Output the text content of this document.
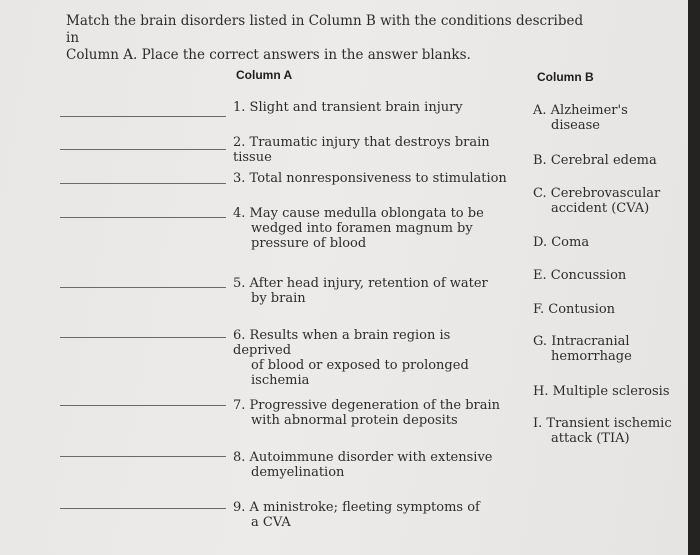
Match the brain disorders listed in Column B with the conditions described in
Column A. Place the correct answers in the answer blanks.

Column A	Column B

1. Slight and transient brain injury

2. Traumatic injury that destroys brain tissue

3. Total nonresponsiveness to stimulation

4. May cause medulla oblongata to be
wedged into foramen magnum by
pressure of blood

5. After head injury, retention of water
by brain

6. Results when a brain region is deprived
of blood or exposed to prolonged
ischemia

7. Progressive degeneration of the brain
with abnormal protein deposits

8. Autoimmune disorder with extensive
demyelination

9. A ministroke; fleeting symptoms of
a CVA

A. Alzheimer's
disease

B. Cerebral edema

C. Cerebrovascular
accident (CVA)

D. Coma

E. Concussion

F. Contusion

G. Intracranial
hemorrhage

H. Multiple sclerosis

I. Transient ischemic
attack (TIA)
